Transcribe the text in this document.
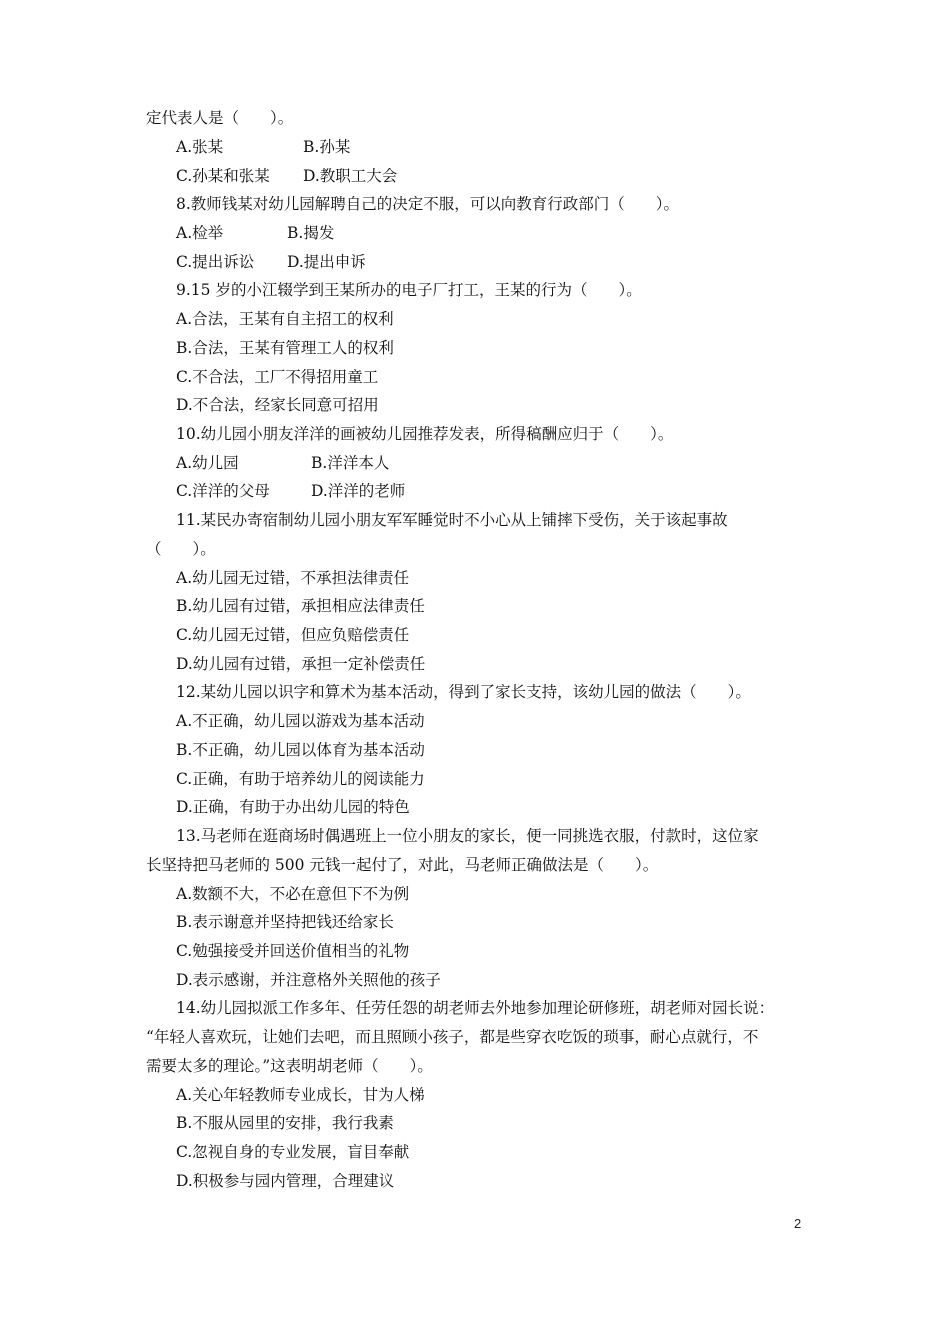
定代表人是（　　）。
A.张某	B.孙某
C.孙某和张某 D.教职工大会
8.教师钱某对幼儿园解聘自己的决定不服，可以向教育行政部门（　　）。
A.检举	B.揭发
C.提出诉讼 D.提出申诉
9.15 岁的小江辍学到王某所办的电子厂打工，王某的行为（　　）。
A.合法，王某有自主招工的权利
B.合法，王某有管理工人的权利
C.不合法，工厂不得招用童工
D.不合法，经家长同意可招用
10.幼儿园小朋友洋洋的画被幼儿园推荐发表，所得稿酬应归于（　　）。
A.幼儿园	B.洋洋本人
C.洋洋的父母	D.洋洋的老师
11.某民办寄宿制幼儿园小朋友军军睡觉时不小心从上铺摔下受伤，关于该起事故
（　　）。
A.幼儿园无过错，不承担法律责任
B.幼儿园有过错，承担相应法律责任
C.幼儿园无过错，但应负赔偿责任
D.幼儿园有过错，承担一定补偿责任
12.某幼儿园以识字和算术为基本活动，得到了家长支持，该幼儿园的做法（　　）。
A.不正确，幼儿园以游戏为基本活动
B.不正确，幼儿园以体育为基本活动
C.正确，有助于培养幼儿的阅读能力
D.正确，有助于办出幼儿园的特色
13.马老师在逛商场时偶遇班上一位小朋友的家长，便一同挑选衣服，付款时，这位家
长坚持把马老师的 500 元钱一起付了，对此，马老师正确做法是（　　）。
A.数额不大，不必在意但下不为例
B.表示谢意并坚持把钱还给家长
C.勉强接受并回送价值相当的礼物
D.表示感谢，并注意格外关照他的孩子
14.幼儿园拟派工作多年、任劳任怨的胡老师去外地参加理论研修班，胡老师对园长说：
“年轻人喜欢玩，让她们去吧，而且照顾小孩子，都是些穿衣吃饭的琐事，耐心点就行，不
需要太多的理论。”这表明胡老师（　　）。
A.关心年轻教师专业成长，甘为人梯
B.不服从园里的安排，我行我素
C.忽视自身的专业发展，盲目奉献
D.积极参与园内管理，合理建议
2
